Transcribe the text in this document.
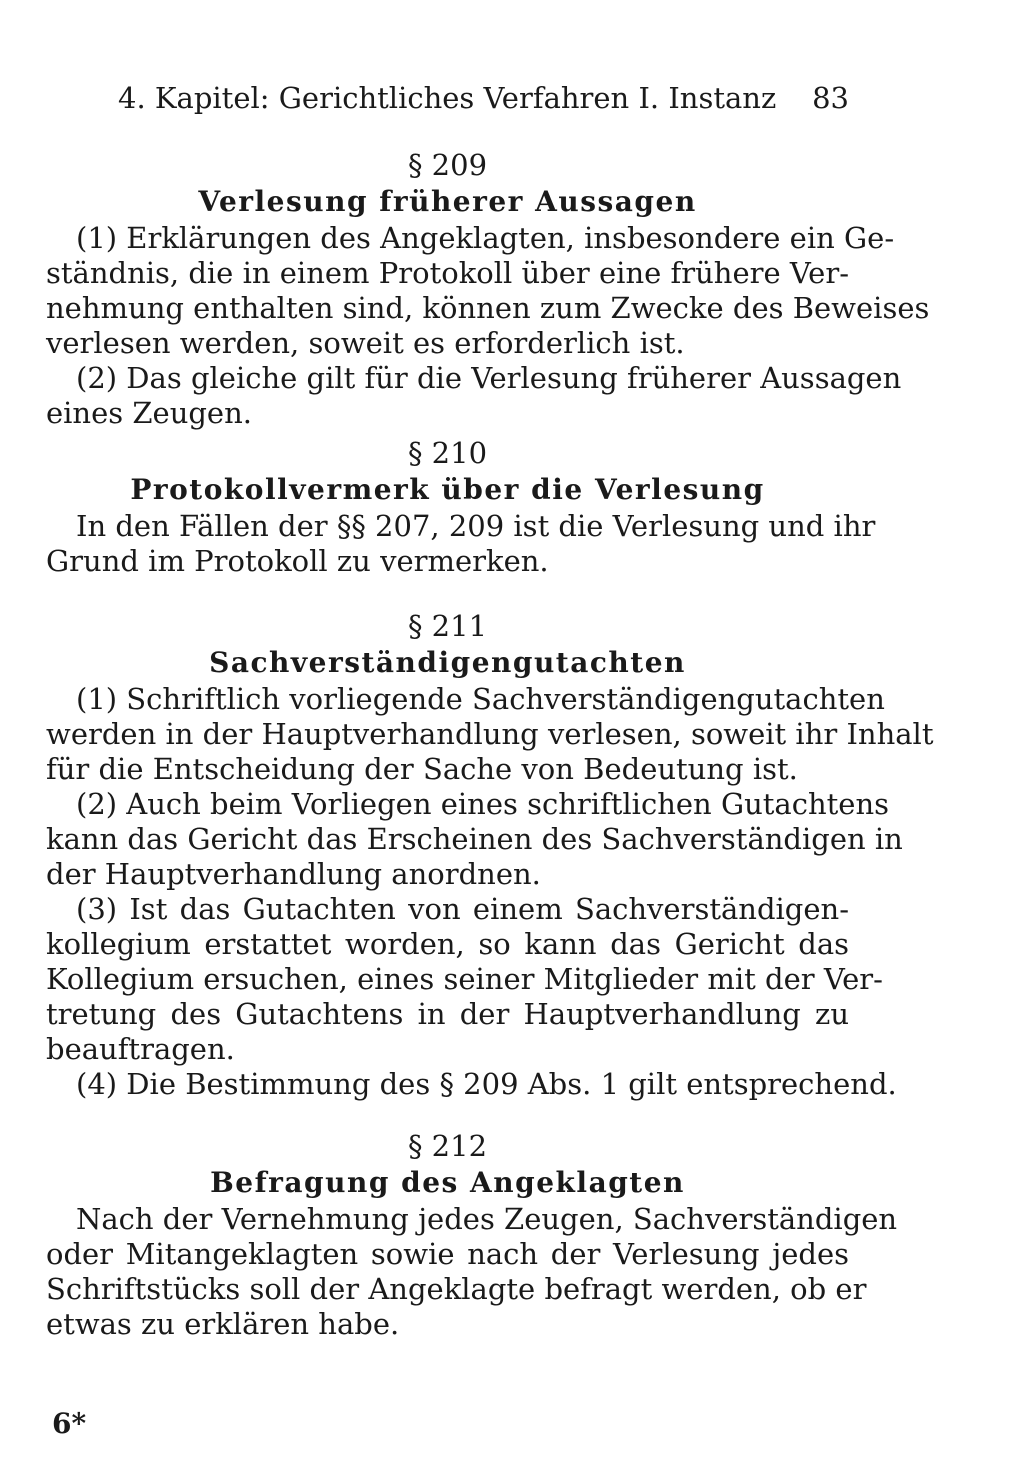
4. Kapitel: Gerichtliches Verfahren I. Instanz 83
§ 209
Verlesung früherer Aussagen
(1) Erklärungen des Angeklagten, insbesondere ein Ge-
ständnis, die in einem Protokoll über eine frühere Ver-
nehmung enthalten sind, können zum Zwecke des Beweises
verlesen werden, soweit es erforderlich ist.
(2) Das gleiche gilt für die Verlesung früherer Aussagen
eines Zeugen.
§ 210
Protokollvermerk über die Verlesung
In den Fällen der §§ 207, 209 ist die Verlesung und ihr
Grund im Protokoll zu vermerken.
§ 211
Sachverständigengutachten
(1) Schriftlich vorliegende Sachverständigengutachten
werden in der Hauptverhandlung verlesen, soweit ihr Inhalt
für die Entscheidung der Sache von Bedeutung ist.
(2) Auch beim Vorliegen eines schriftlichen Gutachtens
kann das Gericht das Erscheinen des Sachverständigen in
der Hauptverhandlung anordnen.
(3) Ist das Gutachten von einem Sachverständigen-
kollegium erstattet worden, so kann das Gericht das
Kollegium ersuchen, eines seiner Mitglieder mit der Ver-
tretung des Gutachtens in der Hauptverhandlung zu
beauftragen.
(4) Die Bestimmung des § 209 Abs. 1 gilt entsprechend.
§ 212
Befragung des Angeklagten
Nach der Vernehmung jedes Zeugen, Sachverständigen
oder Mitangeklagten sowie nach der Verlesung jedes
Schriftstücks soll der Angeklagte befragt werden, ob er
etwas zu erklären habe.
6*
